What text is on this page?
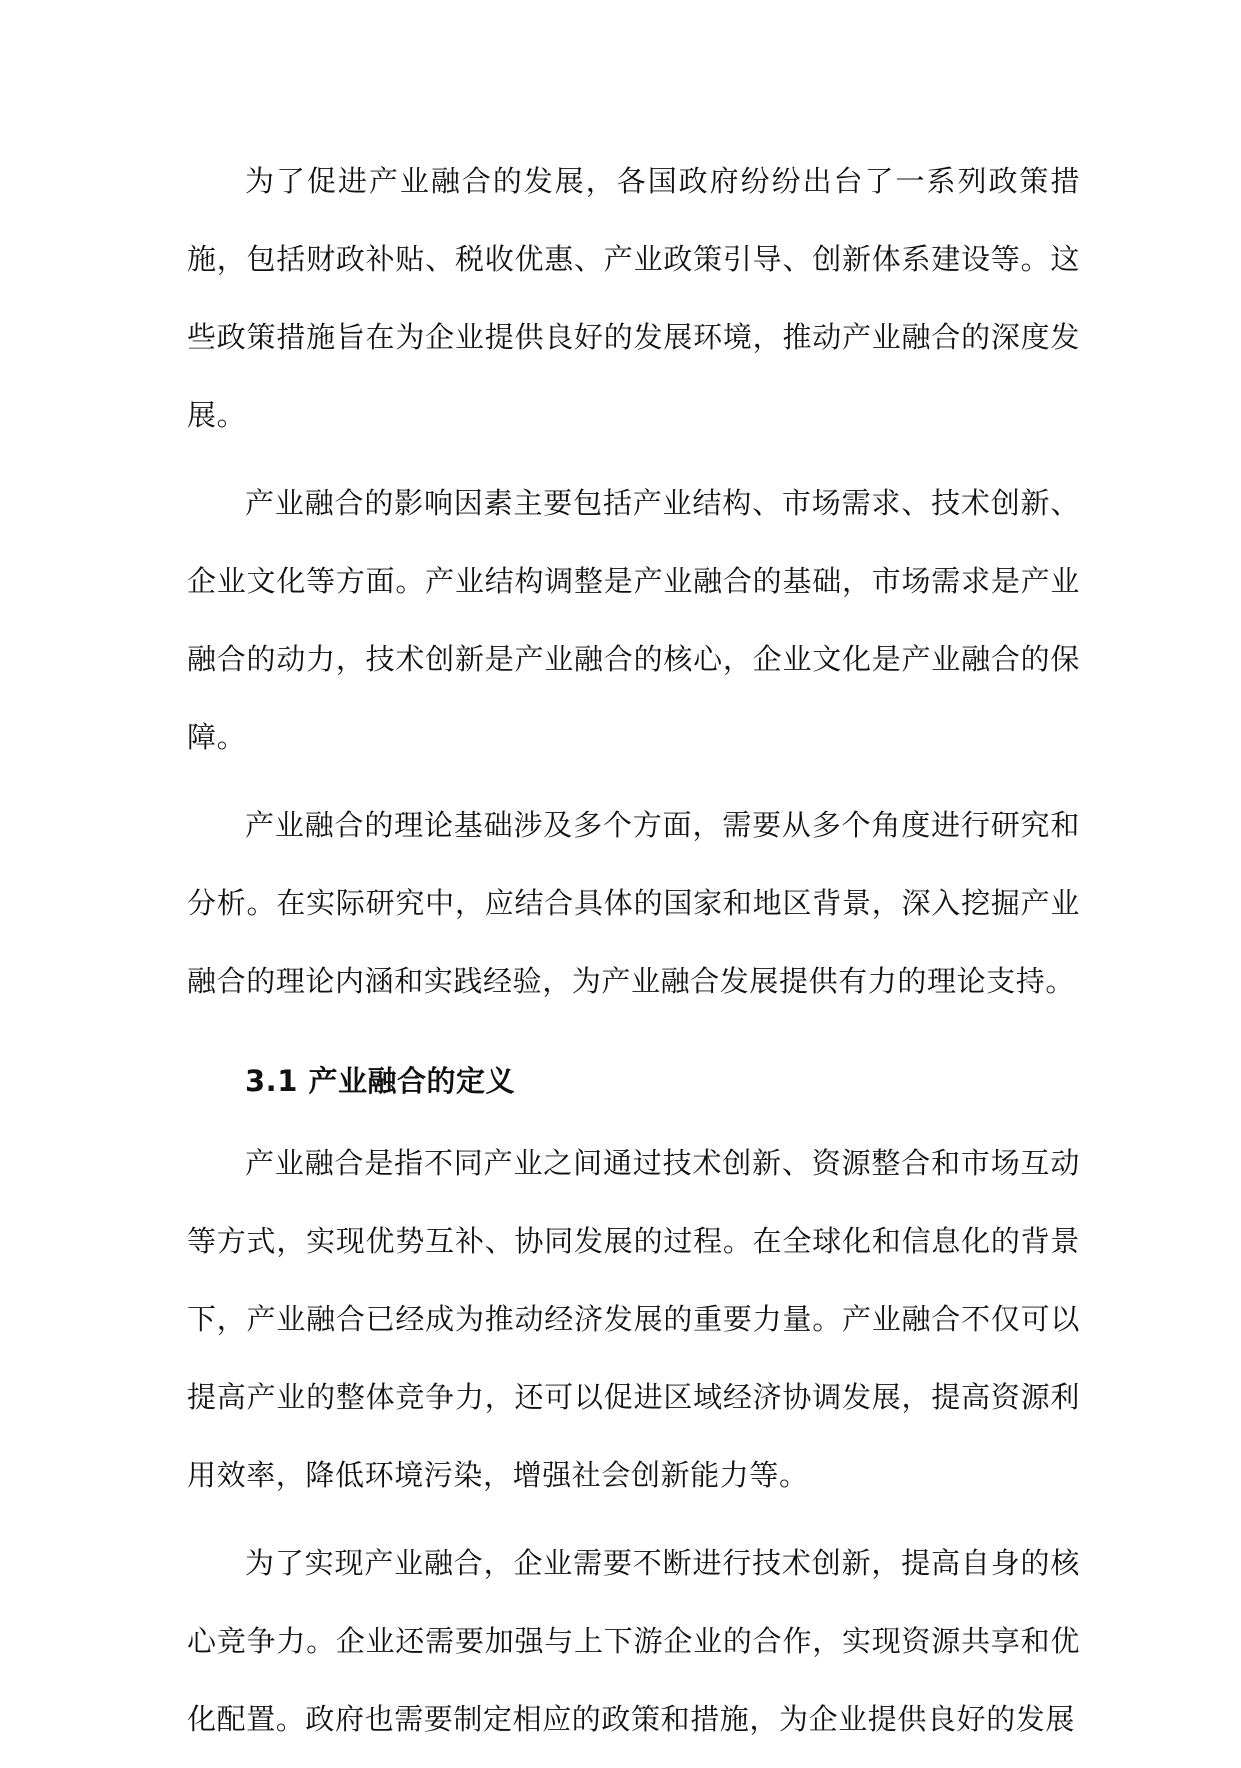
为了促进产业融合的发展，各国政府纷纷出台了一系列政策措施，包括财政补贴、税收优惠、产业政策引导、创新体系建设等。这些政策措施旨在为企业提供良好的发展环境，推动产业融合的深度发展。

产业融合的影响因素主要包括产业结构、市场需求、技术创新、企业文化等方面。产业结构调整是产业融合的基础，市场需求是产业融合的动力，技术创新是产业融合的核心，企业文化是产业融合的保障。

产业融合的理论基础涉及多个方面，需要从多个角度进行研究和分析。在实际研究中，应结合具体的国家和地区背景，深入挖掘产业融合的理论内涵和实践经验，为产业融合发展提供有力的理论支持。

3.1 产业融合的定义

产业融合是指不同产业之间通过技术创新、资源整合和市场互动等方式，实现优势互补、协同发展的过程。在全球化和信息化的背景下，产业融合已经成为推动经济发展的重要力量。产业融合不仅可以提高产业的整体竞争力，还可以促进区域经济协调发展，提高资源利用效率，降低环境污染，增强社会创新能力等。

为了实现产业融合，企业需要不断进行技术创新，提高自身的核心竞争力。企业还需要加强与上下游企业的合作，实现资源共享和优化配置。政府也需要制定相应的政策和措施，为企业提供良好的发展
